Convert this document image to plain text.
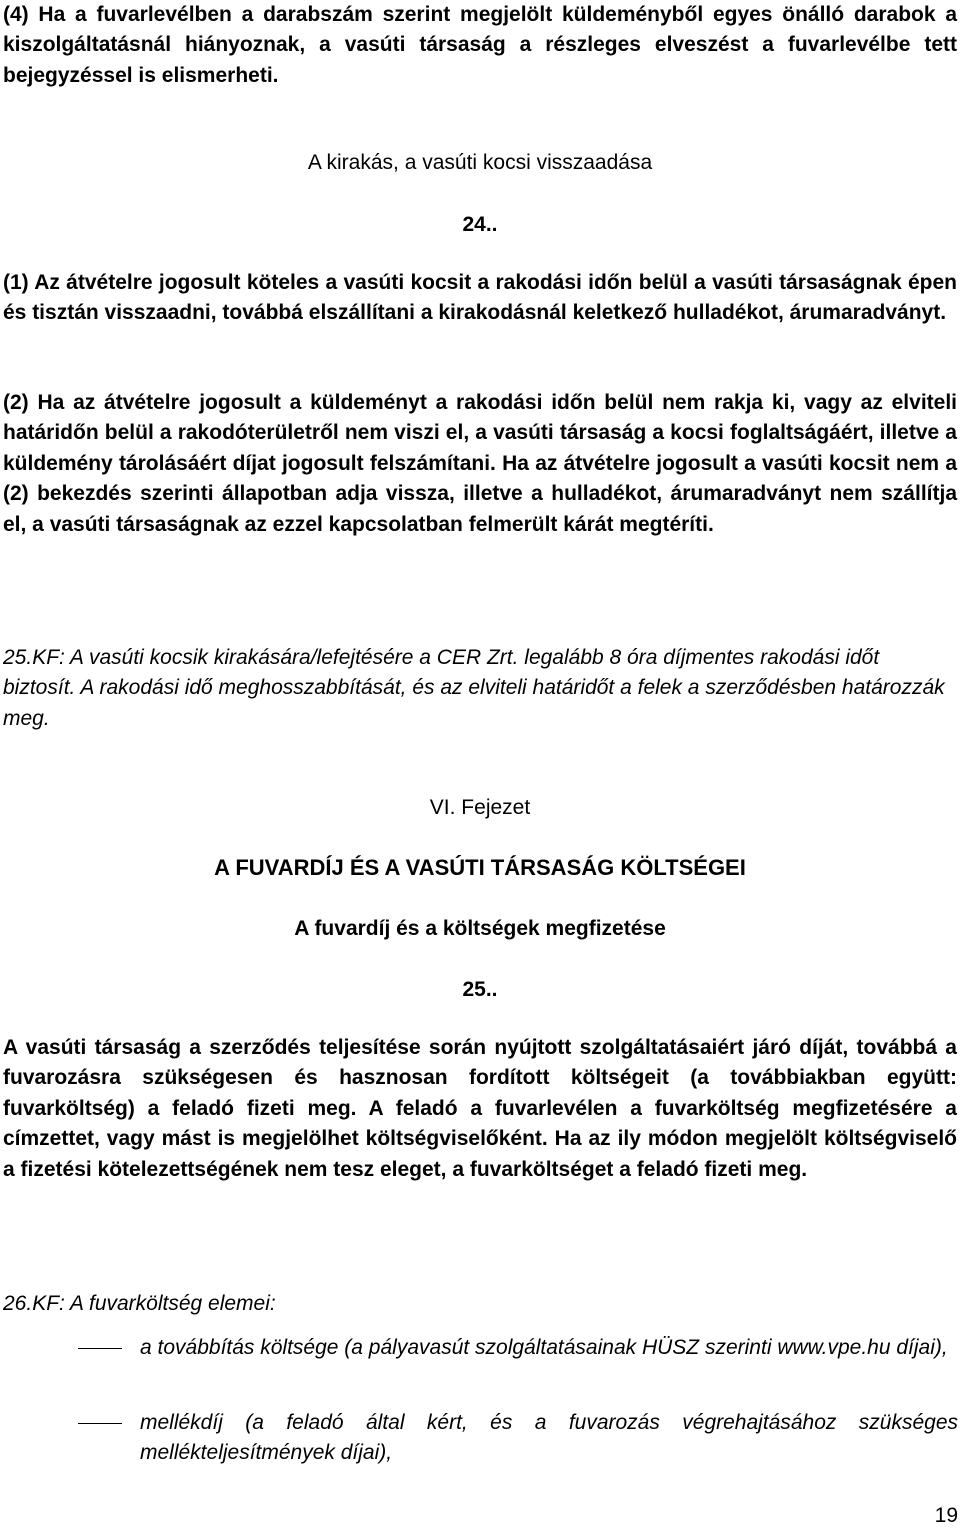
(4) Ha a fuvarlevélben a darabszám szerint megjelölt küldeményből egyes önálló darabok a kiszolgáltatásnál hiányoznak, a vasúti társaság a részleges elveszést a fuvarlevélbe tett bejegyzéssel is elismerheti.
A kirakás, a vasúti kocsi visszaadása
24..
(1) Az átvételre jogosult köteles a vasúti kocsit a rakodási időn belül a vasúti társaságnak épen és tisztán visszaadni, továbbá elszállítani a kirakodásnál keletkező hulladékot, árumaradványt.
(2) Ha az átvételre jogosult a küldeményt a rakodási időn belül nem rakja ki, vagy az elviteli határidőn belül a rakodóterületről nem viszi el, a vasúti társaság a kocsi foglaltságáért, illetve a küldemény tárolásáért díjat jogosult felszámítani. Ha az átvételre jogosult a vasúti kocsit nem a (2) bekezdés szerinti állapotban adja vissza, illetve a hulladékot, árumaradványt nem szállítja el, a vasúti társaságnak az ezzel kapcsolatban felmerült kárát megtéríti.
25.KF: A vasúti kocsik kirakására/lefejtésére a CER Zrt. legalább 8 óra díjmentes rakodási időt biztosít. A rakodási idő meghosszabbítását, és az elviteli határidőt a felek a szerződésben határozzák meg.
VI. Fejezet
A FUVARDÍJ ÉS A VASÚTI TÁRSASÁG KÖLTSÉGEI
A fuvardíj és a költségek megfizetése
25..
A vasúti társaság a szerződés teljesítése során nyújtott szolgáltatásaiért járó díját, továbbá a fuvarozásra szükségesen és hasznosan fordított költségeit (a továbbiakban együtt: fuvarköltség) a feladó fizeti meg. A feladó a fuvarlevélen a fuvarköltség megfizetésére a címzettet, vagy mást is megjelölhet költségviselőként. Ha az ily módon megjelölt költségviselő a fizetési kötelezettségének nem tesz eleget, a fuvarköltséget a feladó fizeti meg.
26.KF: A fuvarköltség elemei:
a továbbítás költsége (a pályavasút szolgáltatásainak HÜSZ szerinti www.vpe.hu díjai),
mellékdíj (a feladó által kért, és a fuvarozás végrehajtásához szükséges mellékteljesítmények díjai),
19
